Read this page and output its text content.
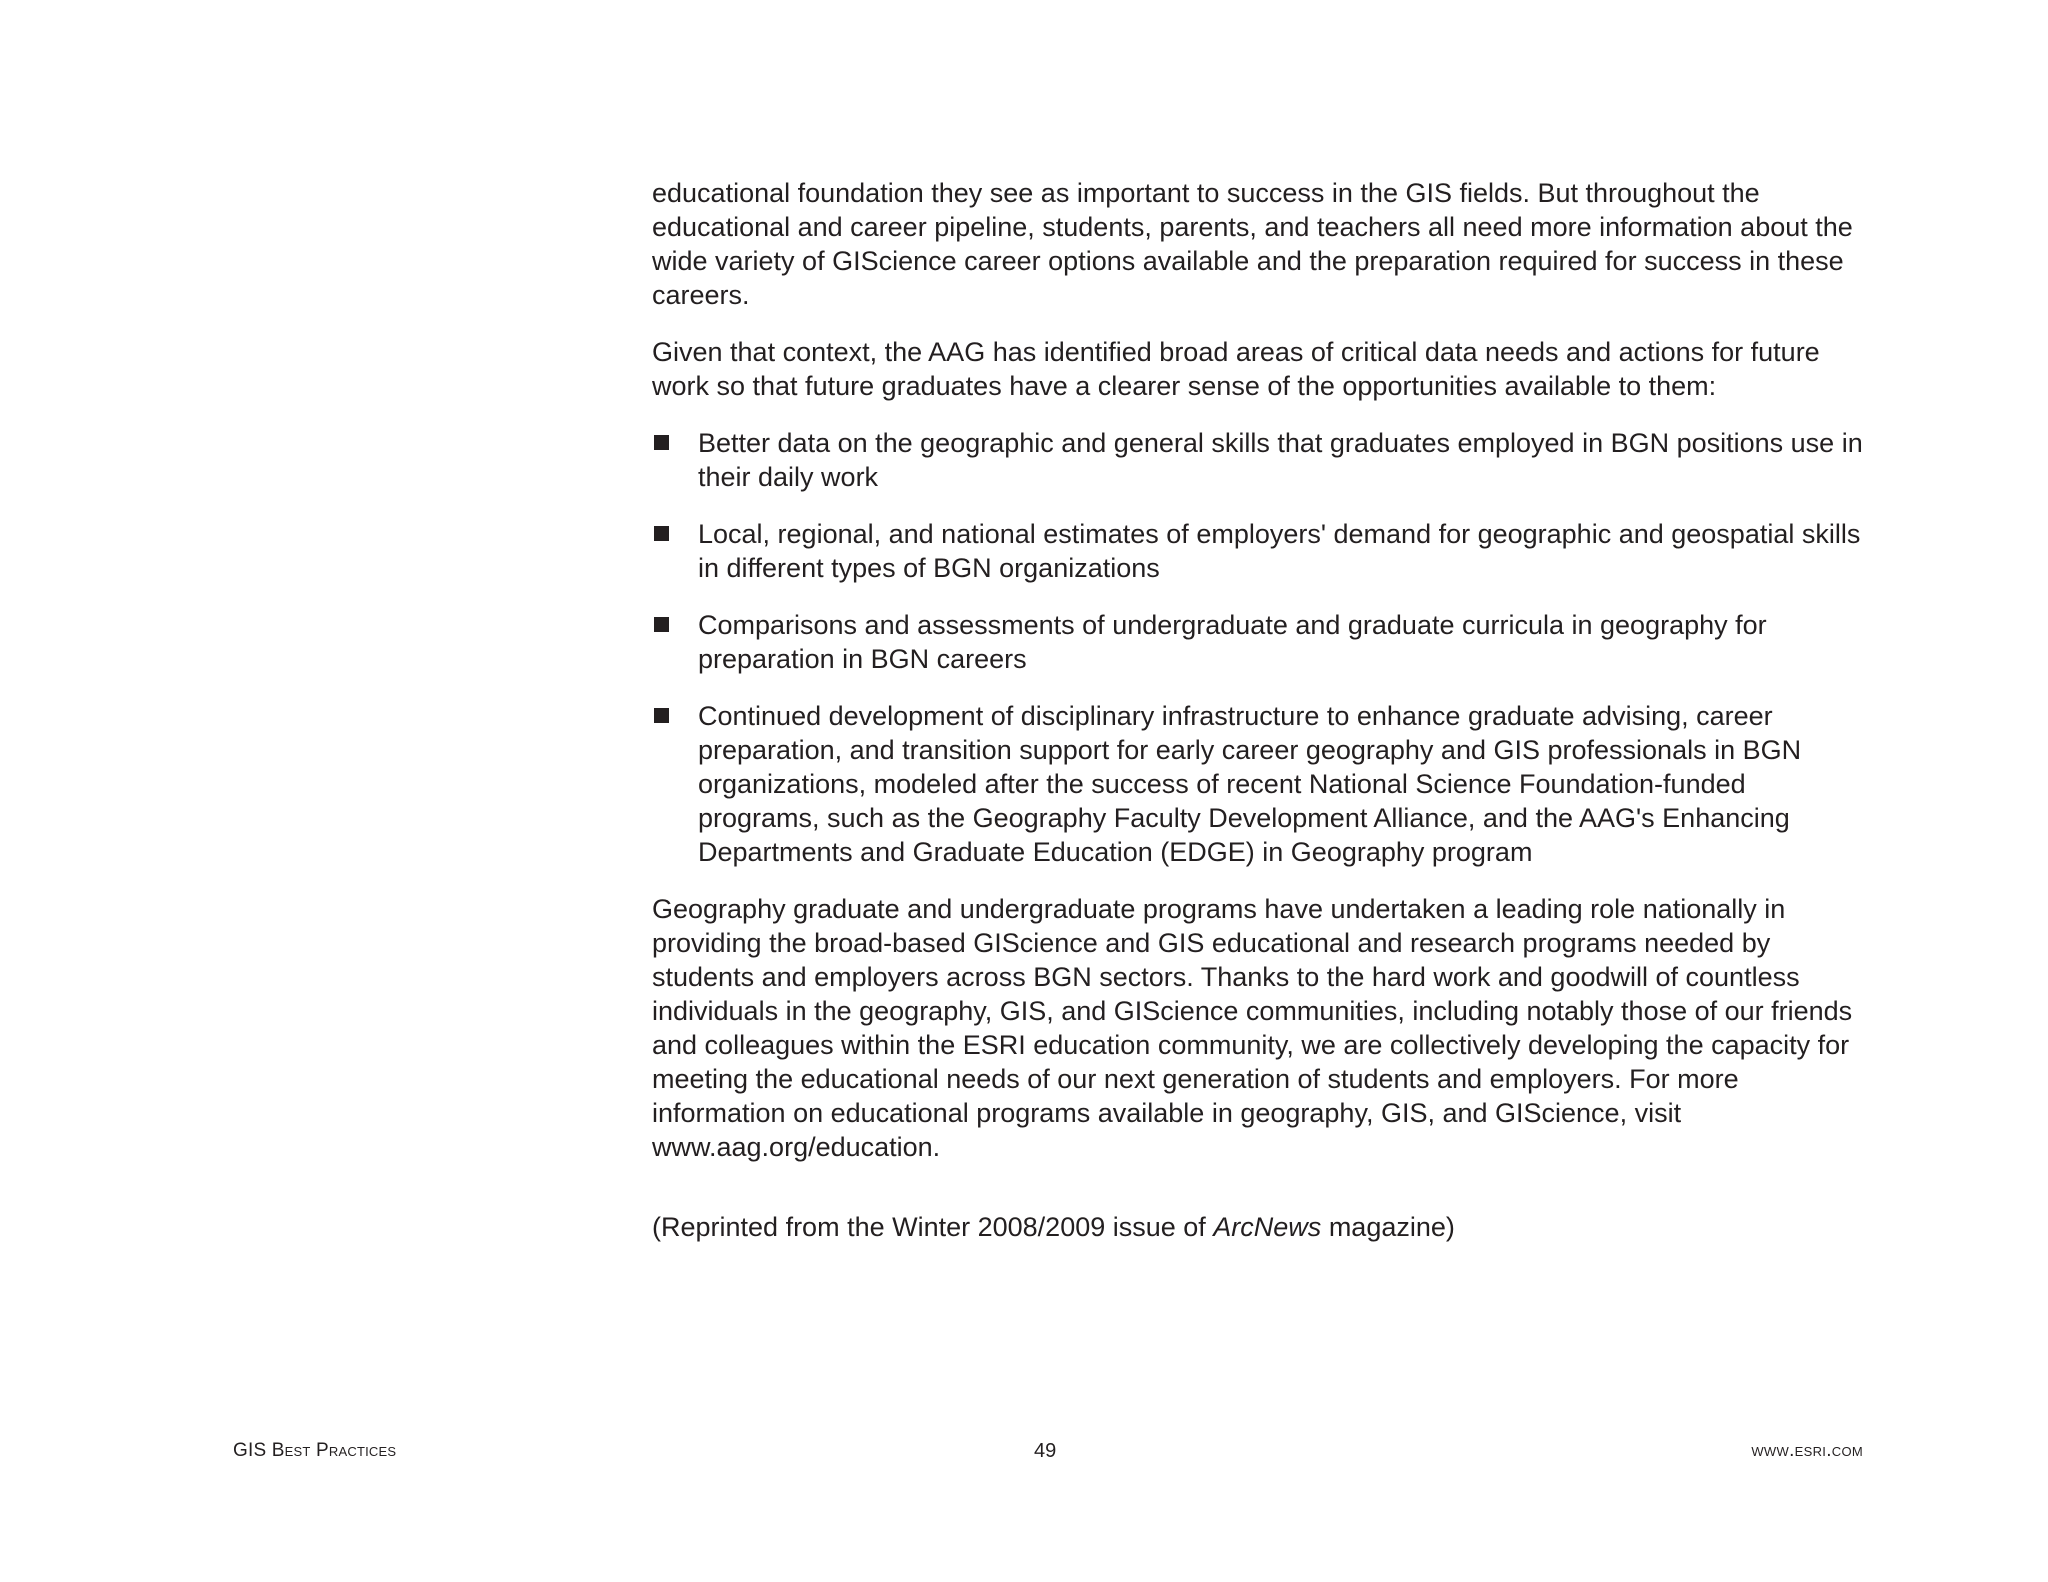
educational foundation they see as important to success in the GIS fields. But throughout the educational and career pipeline, students, parents, and teachers all need more information about the wide variety of GIScience career options available and the preparation required for success in these careers.

Given that context, the AAG has identified broad areas of critical data needs and actions for future work so that future graduates have a clearer sense of the opportunities available to them:

Better data on the geographic and general skills that graduates employed in BGN positions use in their daily work
Local, regional, and national estimates of employers' demand for geographic and geospatial skills in different types of BGN organizations
Comparisons and assessments of undergraduate and graduate curricula in geography for preparation in BGN careers
Continued development of disciplinary infrastructure to enhance graduate advising, career preparation, and transition support for early career geography and GIS professionals in BGN organizations, modeled after the success of recent National Science Foundation-funded programs, such as the Geography Faculty Development Alliance, and the AAG's Enhancing Departments and Graduate Education (EDGE) in Geography program

Geography graduate and undergraduate programs have undertaken a leading role nationally in providing the broad-based GIScience and GIS educational and research programs needed by students and employers across BGN sectors. Thanks to the hard work and goodwill of countless individuals in the geography, GIS, and GIScience communities, including notably those of our friends and colleagues within the ESRI education community, we are collectively developing the capacity for meeting the educational needs of our next generation of students and employers. For more information on educational programs available in geography, GIS, and GIScience, visit www.aag.org/education.

(Reprinted from the Winter 2008/2009 issue of ArcNews magazine)

GIS Best Practices	49	www.esri.com
